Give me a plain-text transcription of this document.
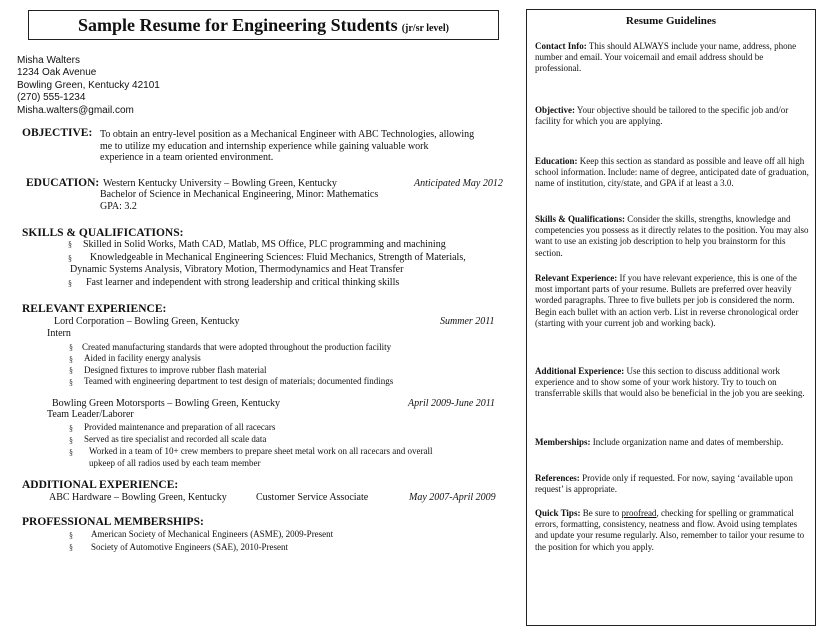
Sample Resume for Engineering Students (jr/sr level)
Misha Walters
1234 Oak Avenue
Bowling Green, Kentucky 42101
(270) 555-1234
Misha.walters@gmail.com
OBJECTIVE: To obtain an entry-level position as a Mechanical Engineer with ABC Technologies, allowing
me to utilize my education and internship experience while gaining valuable work
experience in a team oriented environment.
EDUCATION: Western Kentucky University – Bowling Green, Kentucky	Anticipated May 2012
Bachelor of Science in Mechanical Engineering, Minor: Mathematics
GPA: 3.2
SKILLS & QUALIFICATIONS:
§ Skilled in Solid Works, Math CAD, Matlab, MS Office, PLC programming and machining
§ Knowledgeable in Mechanical Engineering Sciences: Fluid Mechanics, Strength of Materials,
Dynamic Systems Analysis, Vibratory Motion, Thermodynamics and Heat Transfer
§ Fast learner and independent with strong leadership and critical thinking skills
RELEVANT EXPERIENCE:
Lord Corporation – Bowling Green, Kentucky	Summer 2011
Intern
§ Created manufacturing standards that were adopted throughout the production facility
§ Aided in facility energy analysis
§ Designed fixtures to improve rubber flash material
§ Teamed with engineering department to test design of materials; documented findings
Bowling Green Motorsports – Bowling Green, Kentucky	April 2009-June 2011
Team Leader/Laborer
§ Provided maintenance and preparation of all racecars
§ Served as tire specialist and recorded all scale data
§ Worked in a team of 10+ crew members to prepare sheet metal work on all racecars and overall
upkeep of all radios used by each team member
ADDITIONAL EXPERIENCE:
ABC Hardware – Bowling Green, Kentucky	Customer Service Associate	May 2007-April 2009
PROFESSIONAL MEMBERSHIPS:
§ American Society of Mechanical Engineers (ASME), 2009-Present
§ Society of Automotive Engineers (SAE), 2010-Present
Resume Guidelines
Contact Info: This should ALWAYS include your name, address, phone number and email. Your voicemail and email address should be professional.
Objective: Your objective should be tailored to the specific job and/or facility for which you are applying.
Education: Keep this section as standard as possible and leave off all high school information. Include: name of degree, anticipated date of graduation, name of institution, city/state, and GPA if at least a 3.0.
Skills & Qualifications: Consider the skills, strengths, knowledge and competencies you possess as it directly relates to the position. You may also want to use an existing job description to help you brainstorm for this section.
Relevant Experience: If you have relevant experience, this is one of the most important parts of your resume. Bullets are preferred over heavily worded paragraphs. Three to five bullets per job is considered the norm. Begin each bullet with an action verb. List in reverse chronological order (starting with your current job and working back).
Additional Experience: Use this section to discuss additional work experience and to show some of your work history. Try to touch on transferrable skills that would also be beneficial in the job you are seeking.
Memberships: Include organization name and dates of membership.
References: Provide only if requested. For now, saying ‘available upon request’ is appropriate.
Quick Tips: Be sure to proofread, checking for spelling or grammatical errors, formatting, consistency, neatness and flow. Avoid using templates and update your resume regularly. Also, remember to tailor your resume to the position for which you apply.
